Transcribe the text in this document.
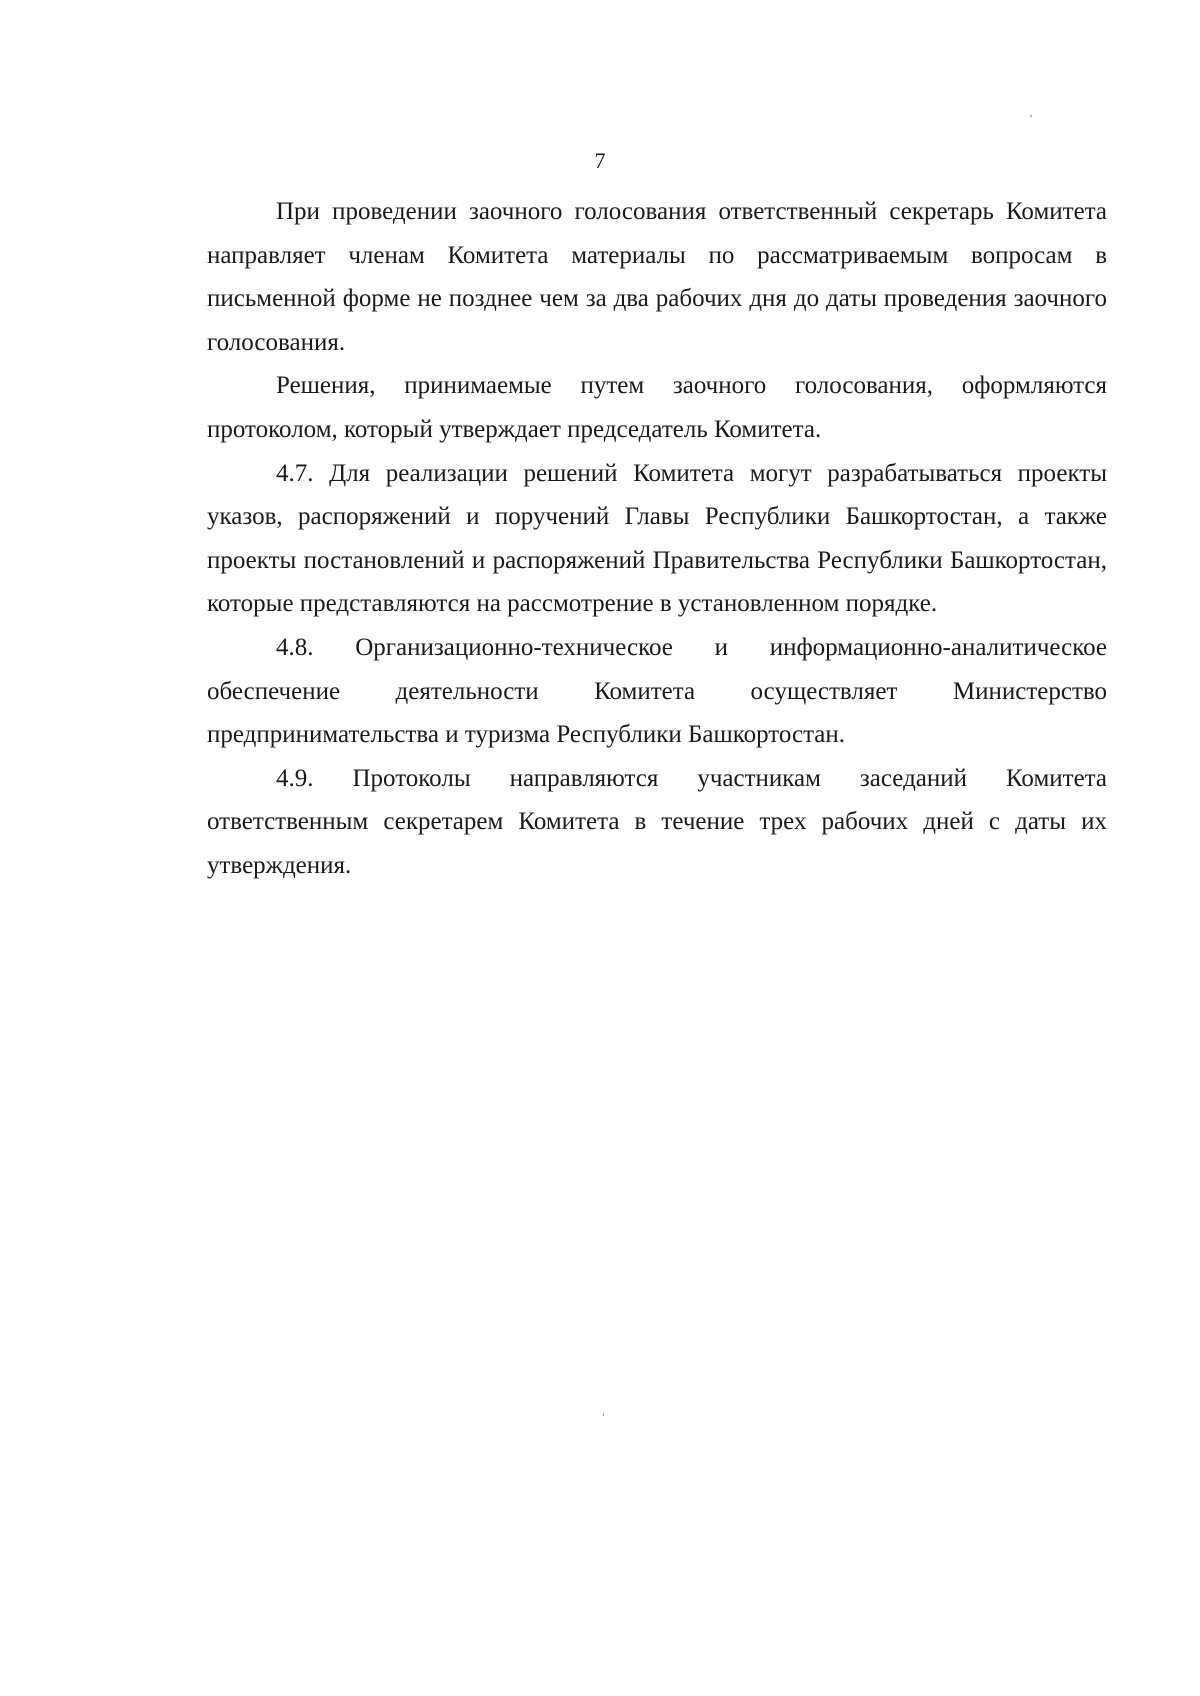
7

При проведении заочного голосования ответственный секретарь Комитета направляет членам Комитета материалы по рассматриваемым вопросам в письменной форме не позднее чем за два рабочих дня до даты проведения заочного голосования.

Решения, принимаемые путем заочного голосования, оформляются протоколом, который утверждает председатель Комитета.

4.7. Для реализации решений Комитета могут разрабатываться проекты указов, распоряжений и поручений Главы Республики Башкортостан, а также проекты постановлений и распоряжений Правительства Республики Башкортостан, которые представляются на рассмотрение в установленном порядке.

4.8. Организационно-техническое и информационно-аналитическое обеспечение деятельности Комитета осуществляет Министерство предпринимательства и туризма Республики Башкортостан.

4.9. Протоколы направляются участникам заседаний Комитета ответственным секретарем Комитета в течение трех рабочих дней с даты их утверждения.
